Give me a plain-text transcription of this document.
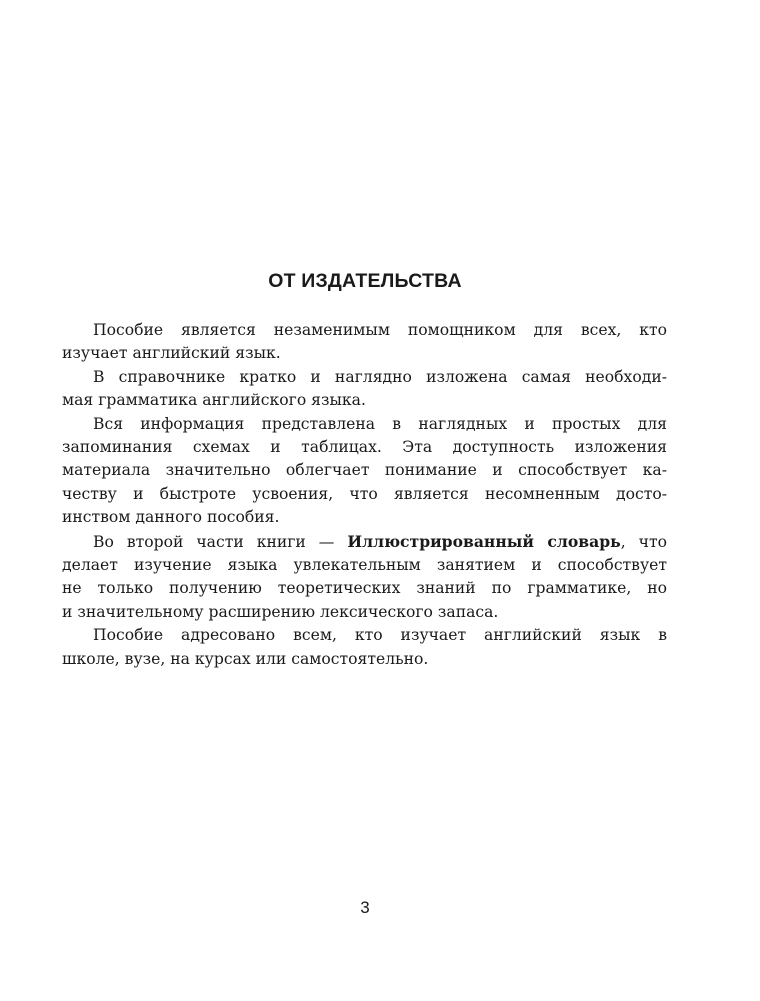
ОТ ИЗДАТЕЛЬСТВА

Пособие является незаменимым помощником для всех, кто
изучает английский язык.

В справочнике кратко и наглядно изложена самая необходи-
мая грамматика английского языка.

Вся информация представлена в наглядных и простых для
запоминания схемах и таблицах. Эта доступность изложения
материала значительно облегчает понимание и способствует ка-
честву и быстроте усвоения, что является несомненным досто-
инством данного пособия.

Во второй части книги — Иллюстрированный словарь, что
делает изучение языка увлекательным занятием и способствует
не только получению теоретических знаний по грамматике, но
и значительному расширению лексического запаса.

Пособие адресовано всем, кто изучает английский язык в
школе, вузе, на курсах или самостоятельно.

3
